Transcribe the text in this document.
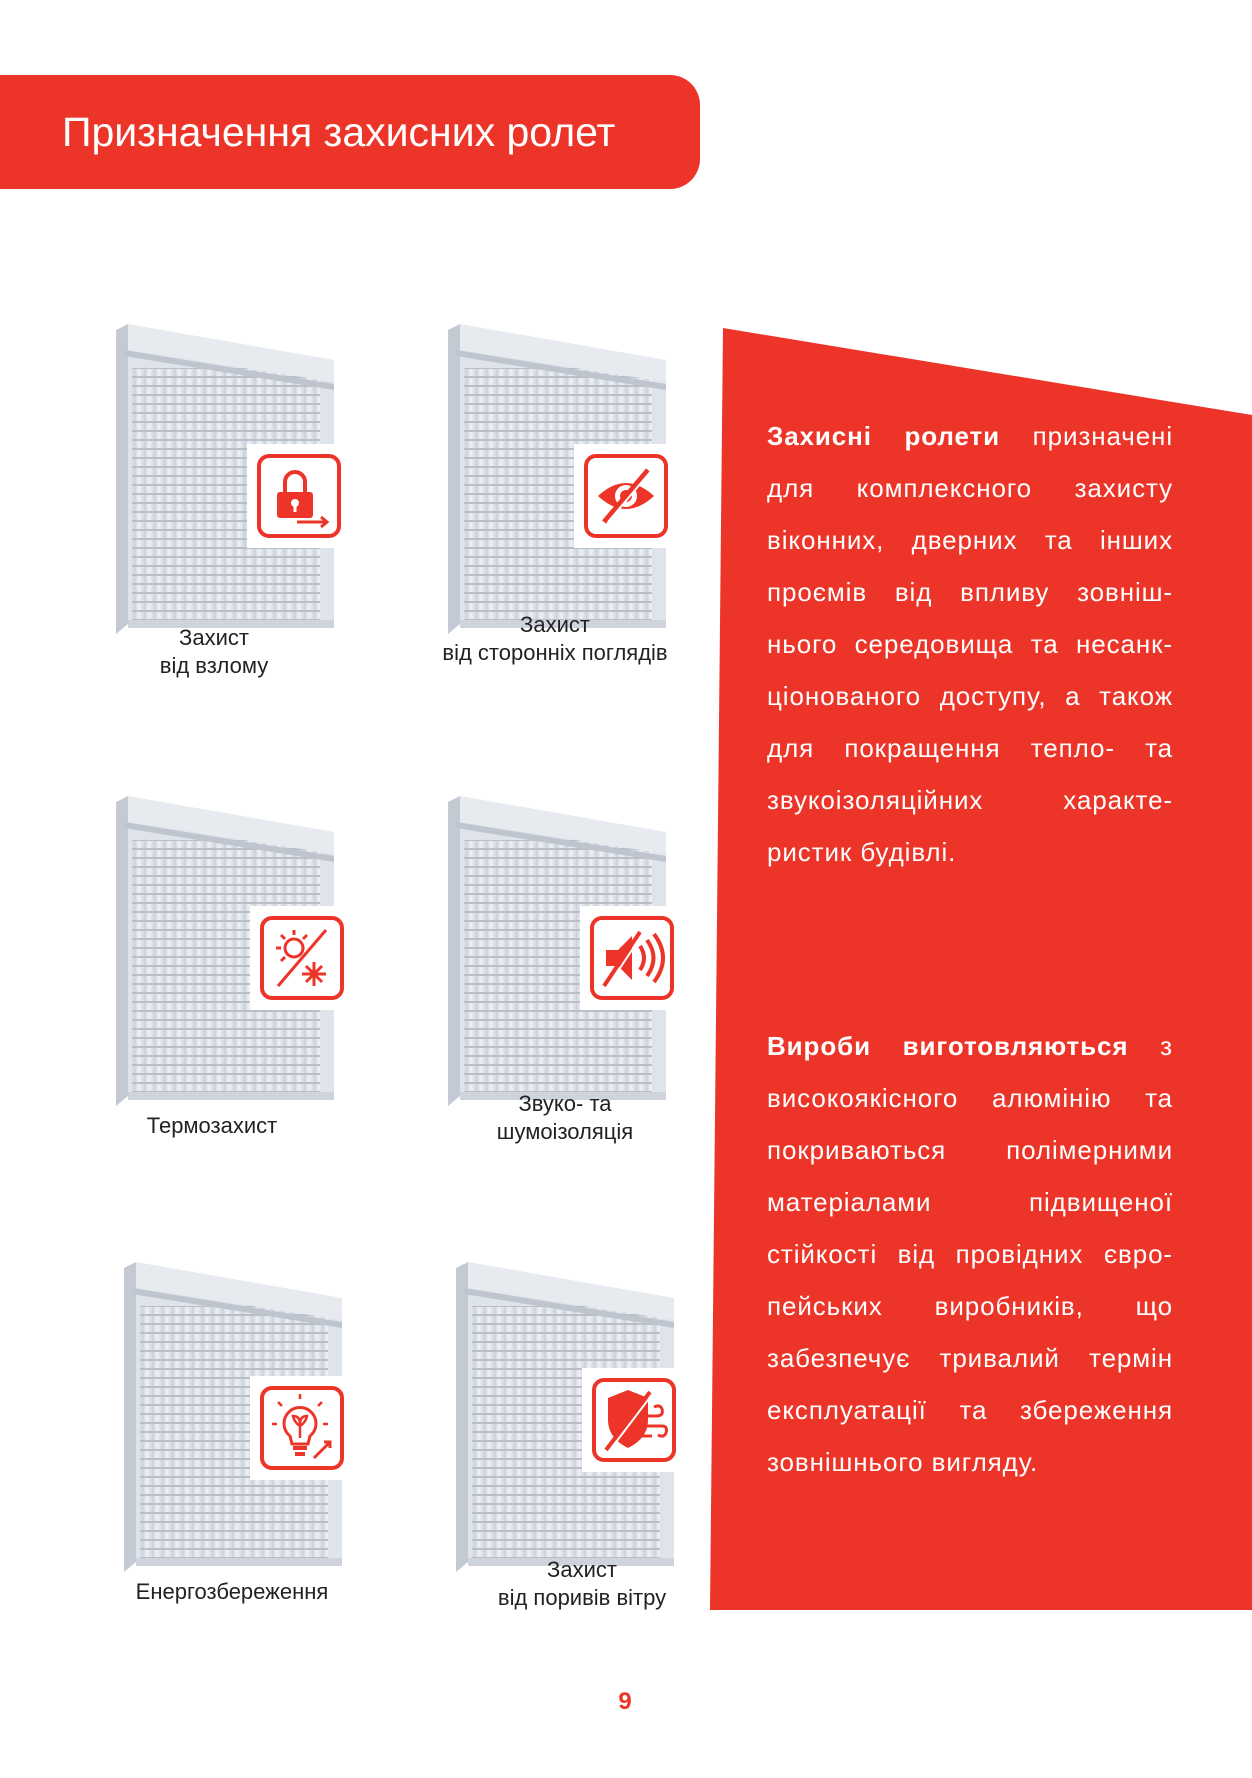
Призначення захисних ролет

Захисні ролети призначені для комплексного захисту віконних, дверних та інших проємів від впливу зовніш-нього середовища та несанк-ціонованого доступу, а також для покращення тепло- та звукоізоляційних характе-ристик будівлі.

Вироби виготовляються з високоякісного алюмінію та покриваються полімерними матеріалами підвищеної стійкості від провідних євро-пейських виробників, що забезпечує тривалий термін експлуатації та збереження зовнішнього вигляду.

Захист
від взлому

Захист
від сторонніх поглядів

Термозахист

Звуко- та
шумоізоляція

Енергозбереження

Захист
від поривів вітру

9
